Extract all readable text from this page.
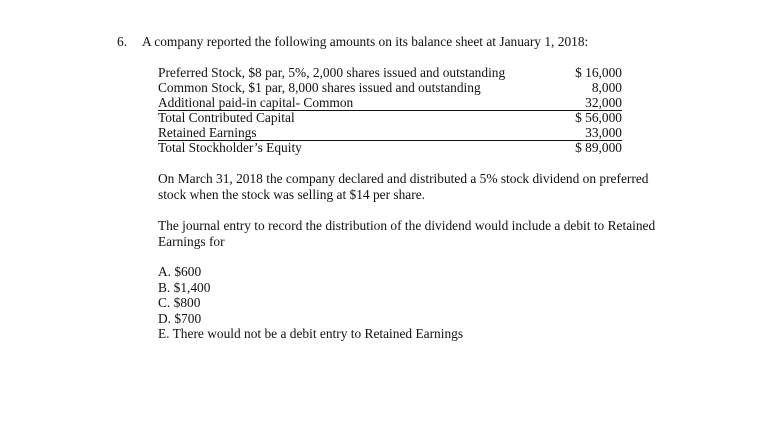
6. A company reported the following amounts on its balance sheet at January 1, 2018:
Preferred Stock, $8 par, 5%, 2,000 shares issued and outstanding	$ 16,000
Common Stock, $1 par, 8,000 shares issued and outstanding	8,000
Additional paid-in capital- Common	32,000
Total Contributed Capital	$ 56,000
Retained Earnings	33,000
Total Stockholder’s Equity	$ 89,000

On March 31, 2018 the company declared and distributed a 5% stock dividend on preferred stock when the stock was selling at $14 per share.

The journal entry to record the distribution of the dividend would include a debit to Retained Earnings for

A. $600
B. $1,400
C. $800
D. $700
E. There would not be a debit entry to Retained Earnings
